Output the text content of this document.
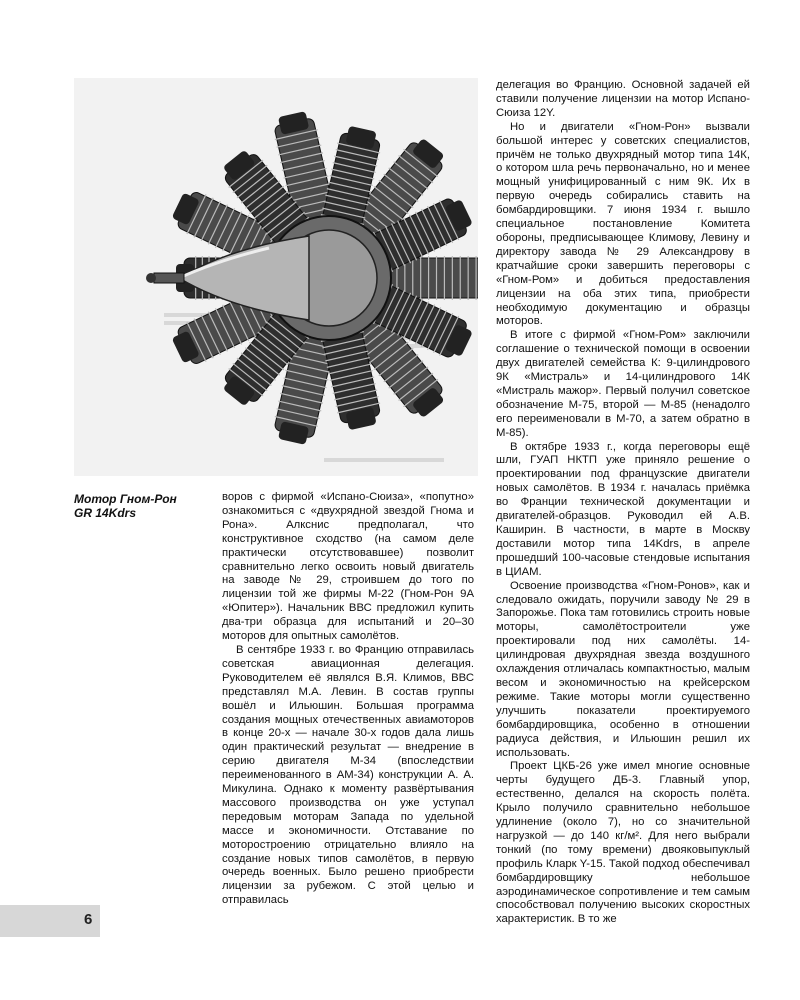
Мотор Гном-Рон
GR 14Kdrs

воров с фирмой «Испано-Сюиза», «попутно» ознакомиться с «двухрядной звездой Гнома и Рона». Алкснис предполагал, что конструктивное сходство (на самом деле практически отсутствовавшее) позволит сравнительно легко освоить новый двигатель на заводе № 29, строившем до того по лицензии той же фирмы М-22 (Гном-Рон 9А «Юпитер»). Начальник ВВС предложил купить два-три образца для испытаний и 20–30 моторов для опытных самолётов.

В сентябре 1933 г. во Францию отправилась советская авиационная делегация. Руководителем её являлся В.Я. Климов, ВВС представлял М.А. Левин. В состав группы вошёл и Ильюшин. Большая программа создания мощных отечественных авиамоторов в конце 20-х — начале 30-х годов дала лишь один практический результат — внедрение в серию двигателя М-34 (впоследствии переименованного в АМ-34) конструкции А. А. Микулина. Однако к моменту развёртывания массового производства он уже уступал передовым моторам Запада по удельной массе и экономичности. Отставание по моторостроению отрицательно влияло на создание новых типов самолётов, в первую очередь военных. Было решено приобрести лицензии за рубежом. С этой целью и отправилась

делегация во Францию. Основной задачей ей ставили получение лицензии на мотор Испано-Сюиза 12Y.

Но и двигатели «Гном-Рон» вызвали большой интерес у советских специалистов, причём не только двухрядный мотор типа 14К, о котором шла речь первоначально, но и менее мощный унифицированный с ним 9К. Их в первую очередь собирались ставить на бомбардировщики. 7 июня 1934 г. вышло специальное постановление Комитета обороны, предписывающее Климову, Левину и директору завода № 29 Александрову в кратчайшие сроки завершить переговоры с «Гном-Ром» и добиться предоставления лицензии на оба этих типа, приобрести необходимую документацию и образцы моторов.

В итоге с фирмой «Гном-Ром» заключили соглашение о технической помощи в освоении двух двигателей семейства К: 9-цилиндрового 9К «Мистраль» и 14-цилиндрового 14К «Мистраль мажор». Первый получил советское обозначение М-75, второй — М-85 (ненадолго его переименовали в М-70, а затем обратно в М-85).

В октябре 1933 г., когда переговоры ещё шли, ГУАП НКТП уже приняло решение о проектировании под французские двигатели новых самолётов. В 1934 г. началась приёмка во Франции технической документации и двигателей-образцов. Руководил ей А.В. Каширин. В частности, в марте в Москву доставили мотор типа 14Kdrs, в апреле прошедший 100-часовые стендовые испытания в ЦИАМ.

Освоение производства «Гном-Ронов», как и следовало ожидать, поручили заводу № 29 в Запорожье. Пока там готовились строить новые моторы, самолётостроители уже проектировали под них самолёты. 14-цилиндровая двухрядная звезда воздушного охлаждения отличалась компактностью, малым весом и экономичностью на крейсерском режиме. Такие моторы могли существенно улучшить показатели проектируемого бомбардировщика, особенно в отношении радиуса действия, и Ильюшин решил их использовать.

Проект ЦКБ-26 уже имел многие основные черты будущего ДБ-3. Главный упор, естественно, делался на скорость полёта. Крыло получило сравнительно небольшое удлинение (около 7), но со значительной нагрузкой — до 140 кг/м². Для него выбрали тонкий (по тому времени) двояковыпуклый профиль Кларк Y-15. Такой подход обеспечивал бомбардировщику небольшое аэродинамическое сопротивление и тем самым способствовал получению высоких скоростных характеристик. В то же

6
